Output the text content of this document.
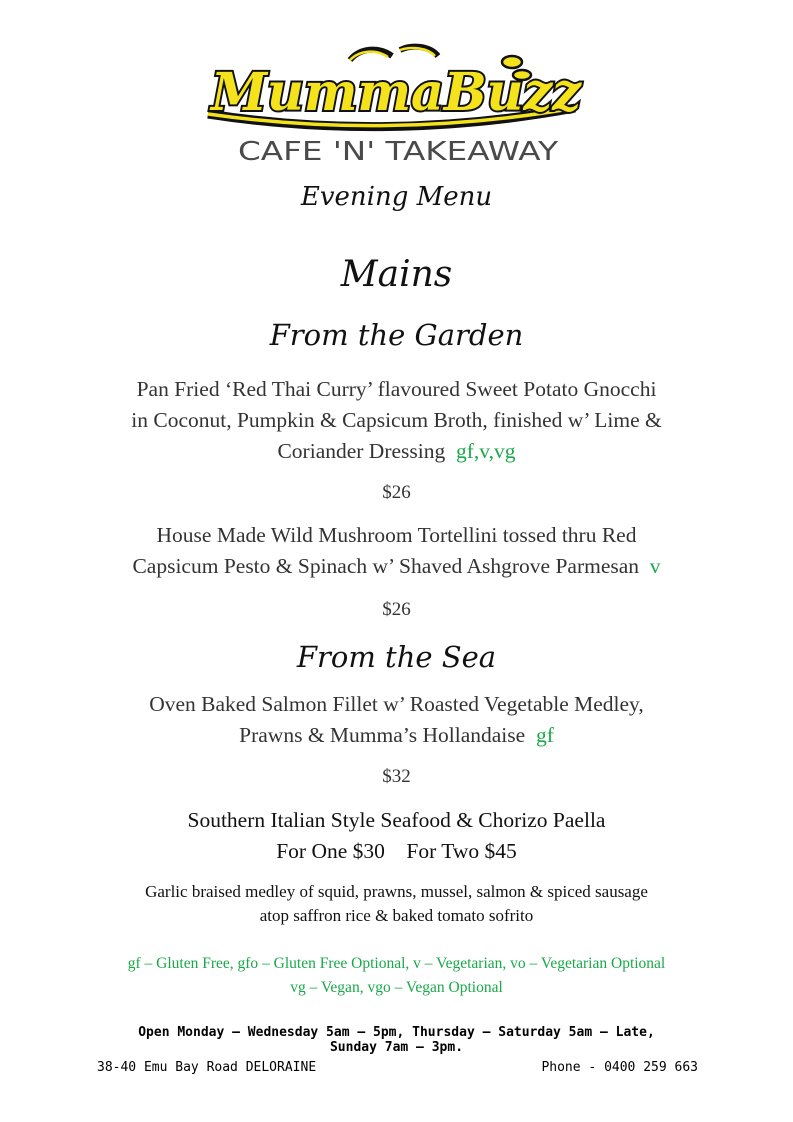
MummaBuzz
CAFE 'N' TAKEAWAY
Evening Menu
Mains
From the Garden
Pan Fried ‘Red Thai Curry’ flavoured Sweet Potato Gnocchi
in Coconut, Pumpkin & Capsicum Broth, finished w’ Lime &
Coriander Dressing gf,v,vg
$26
House Made Wild Mushroom Tortellini tossed thru Red
Capsicum Pesto & Spinach w’ Shaved Ashgrove Parmesan v
$26
From the Sea
Oven Baked Salmon Fillet w’ Roasted Vegetable Medley,
Prawns & Mumma’s Hollandaise gf
$32
Southern Italian Style Seafood & Chorizo Paella
For One $30    For Two $45
Garlic braised medley of squid, prawns, mussel, salmon & spiced sausage
atop saffron rice & baked tomato sofrito
gf – Gluten Free, gfo – Gluten Free Optional, v – Vegetarian, vo – Vegetarian Optional
vg – Vegan, vgo – Vegan Optional
Open Monday – Wednesday 5am – 5pm, Thursday – Saturday 5am – Late,
Sunday 7am – 3pm.
38-40 Emu Bay Road DELORAINE	Phone - 0400 259 663
